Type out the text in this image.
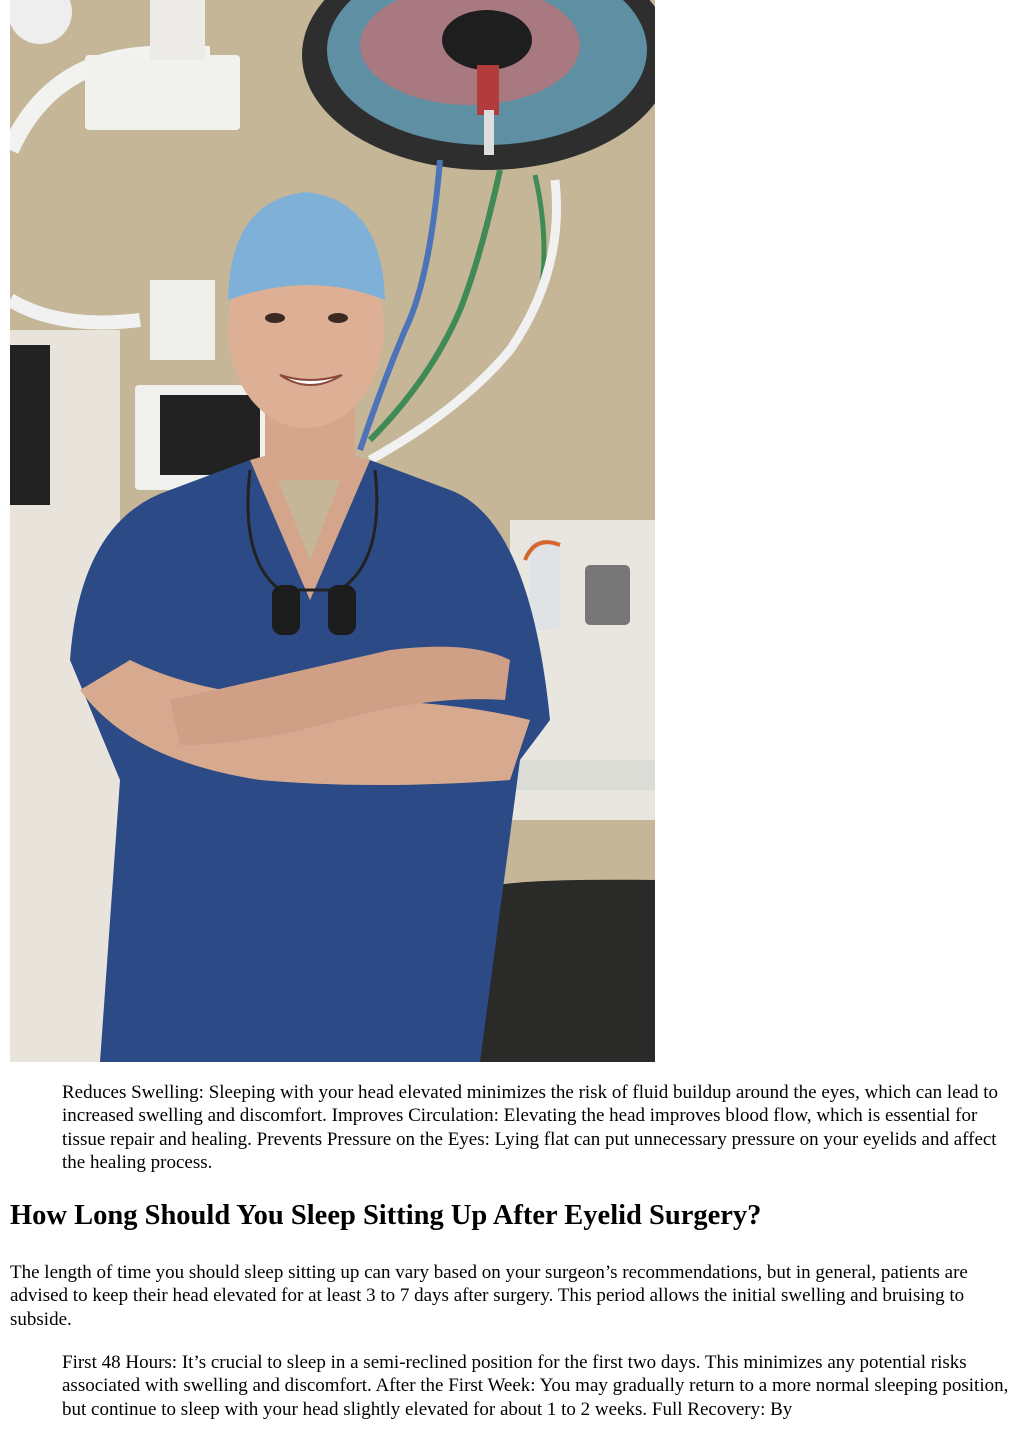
Reduces Swelling: Sleeping with your head elevated minimizes the risk of fluid buildup around the eyes, which can lead to increased swelling and discomfort. Improves Circulation: Elevating the head improves blood flow, which is essential for tissue repair and healing. Prevents Pressure on the Eyes: Lying flat can put unnecessary pressure on your eyelids and affect the healing process.
How Long Should You Sleep Sitting Up After Eyelid Surgery?

The length of time you should sleep sitting up can vary based on your surgeon’s recommendations, but in general, patients are advised to keep their head elevated for at least 3 to 7 days after surgery. This period allows the initial swelling and bruising to subside.

First 48 Hours: It’s crucial to sleep in a semi-reclined position for the first two days. This minimizes any potential risks associated with swelling and discomfort. After the First Week: You may gradually return to a more normal sleeping position, but continue to sleep with your head slightly elevated for about 1 to 2 weeks. Full Recovery: By
